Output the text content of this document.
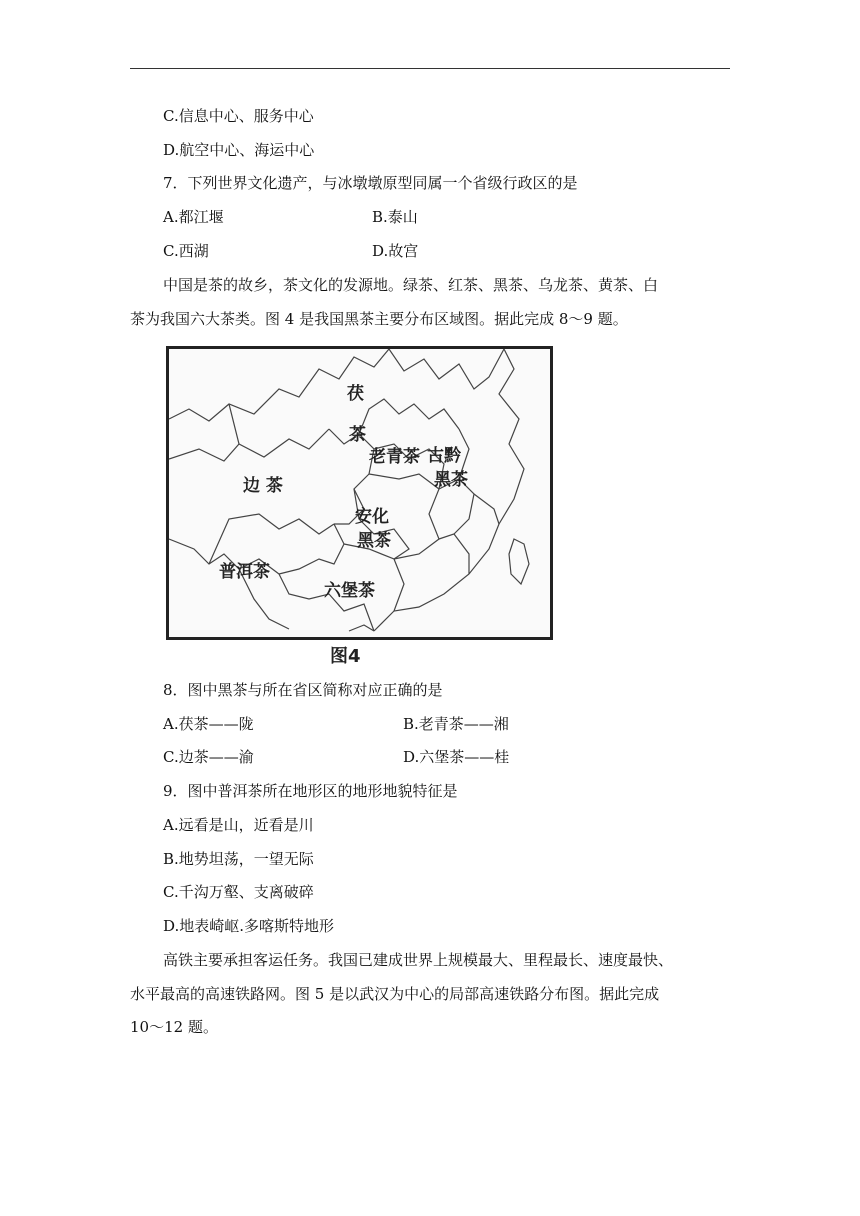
C.信息中心、服务中心
D.航空中心、海运中心
7．下列世界文化遗产，与冰墩墩原型同属一个省级行政区的是
A.都江堰	B.泰山
C.西湖	D.故宫
中国是茶的故乡，茶文化的发源地。绿茶、红茶、黑茶、乌龙茶、黄茶、白
茶为我国六大茶类。图 4 是我国黑茶主要分布区域图。据此完成 8～9 题。
茯
茶
古黔
黑茶
边 茶
老青茶
安化
黑茶
普洱茶
六堡茶
图4
8．图中黑茶与所在省区简称对应正确的是
A.茯茶——陇	B.老青茶——湘
C.边茶——渝	D.六堡茶——桂
9．图中普洱茶所在地形区的地形地貌特征是
A.远看是山，近看是川
B.地势坦荡，一望无际
C.千沟万壑、支离破碎
D.地表崎岖.多喀斯特地形
高铁主要承担客运任务。我国已建成世界上规模最大、里程最长、速度最快、
水平最高的高速铁路网。图 5 是以武汉为中心的局部高速铁路分布图。据此完成
10～12 题。
